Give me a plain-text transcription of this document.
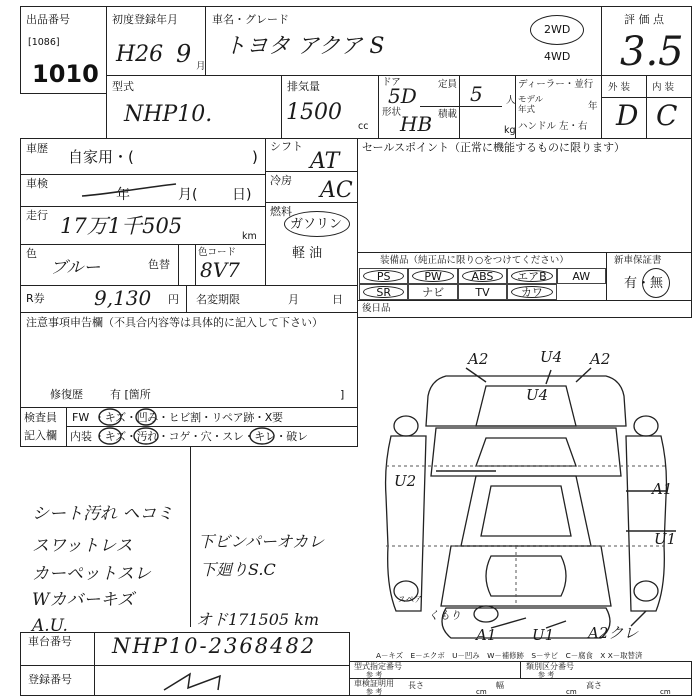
出品番号
[1086]
1010
初度登録年月
H26 9 月
車名・グレード
トヨタ アクア S
2WD
4WD
評 価 点
3.5
型式
NHP10.
排気量
1500
cc
ドア
5D
形状
HB
定員 5 人
積載
kg
ディーラー・並行
モデル
年式	年
ハンドル 左・右
外 装 内 装
D C
車歴 自家用・(	)
車検
年	月( 日)
走行 17万1千505	km
色
ブルー	色替
色コード
8V7
シフト
AT
冷房 AC
燃料
ガソリン
軽 油
セールスポイント（正常に機能するものに限ります）
装備品（純正品に限り○をつけてください）	新車保証書
有・無
PS	PW	ABS	エアB	AW
SR	ナビ	TV	カワ
後日品
R券 9,130 円 名変期限	月	日
注意事項申告欄（不具合内容等は具体的に記入して下さい）
修復歴 有 [箇所	]
検査員
記入欄
FW ・キズ・凹み・ヒビ割・リペア跡・X要
内装 ・キズ・汚れ・コゲ・穴・スレ・キレ・破レ
シート汚れ ヘコミ
スワットレス
カーペットスレ
Wカバーキズ
A.U.
下ビンパーオカレ
下廻りS.C
オド171505 km
A2	U4 A2
U4
U2	A1
U1
A1 U1 A2クレ
スペア
くもり
A－キズ　E－エクボ　U－凹み　W－補修跡　S－サビ　C－腐食　X X－取替済
車台番号 NHP10-2368482
登録番号
型式指定番号
参 考
類別区分番号
参 考
車検証明用
参 考
長さ
cm
幅
cm
高さ
cm
